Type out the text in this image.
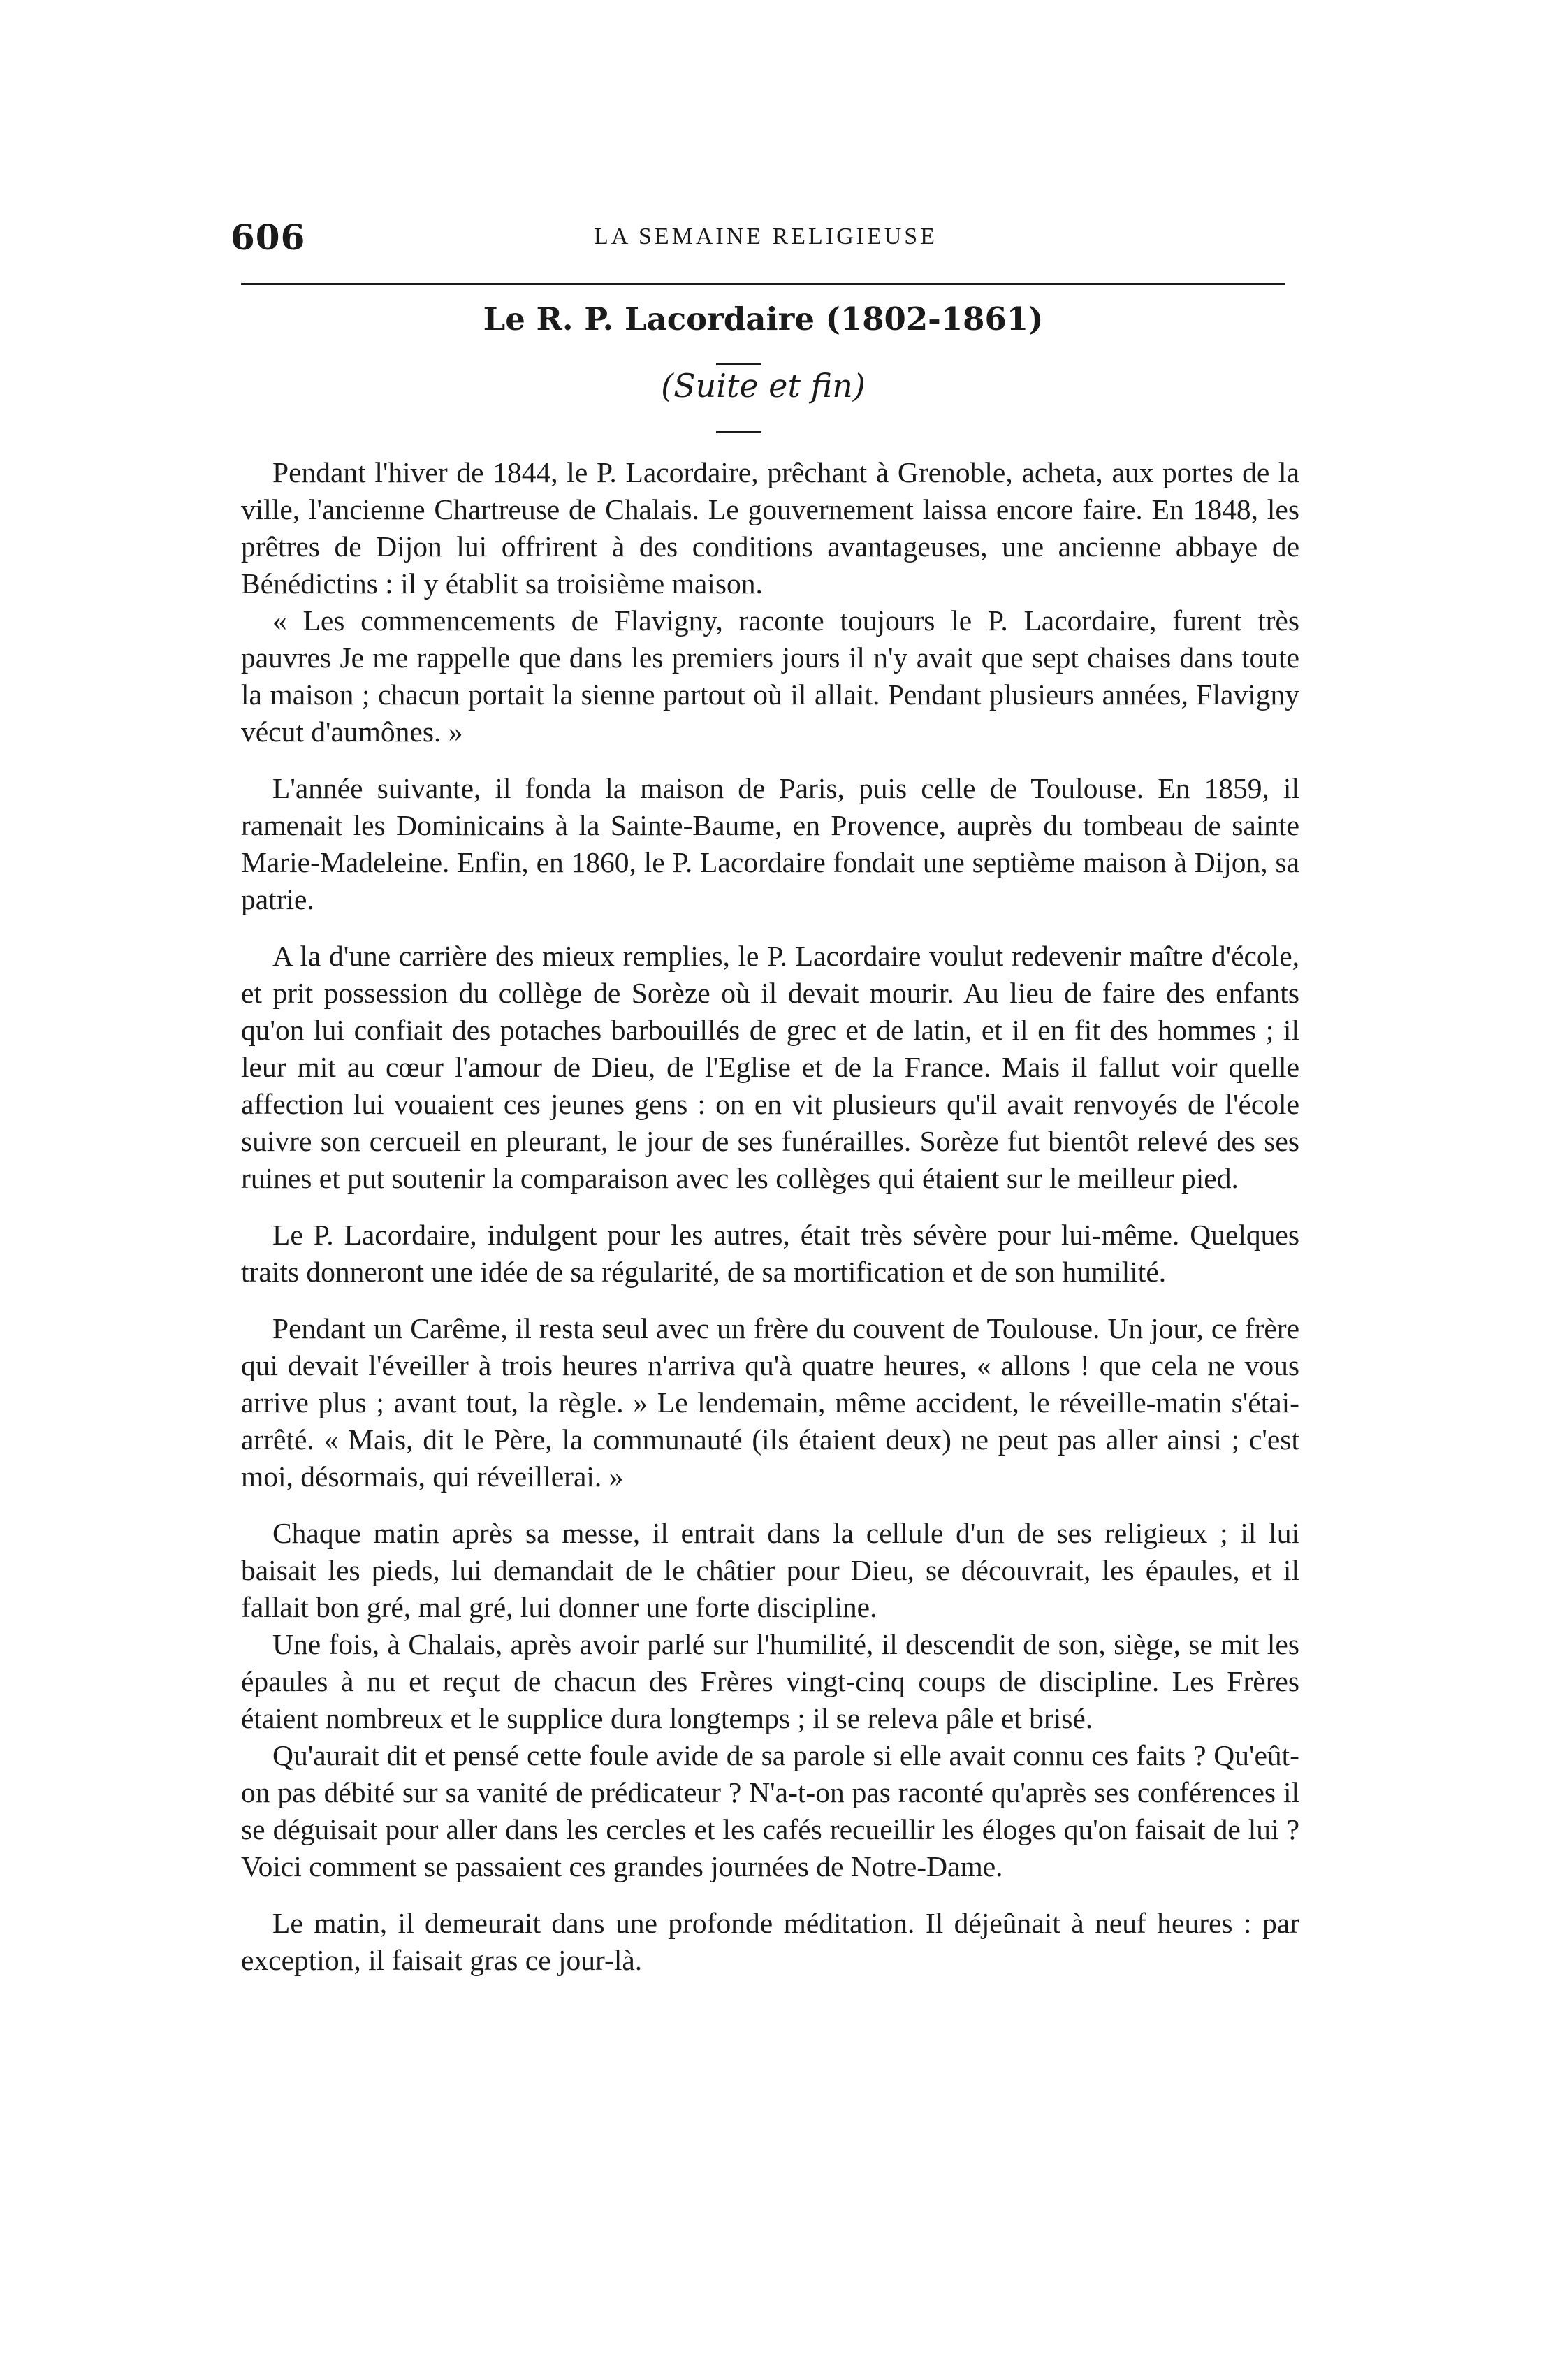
606	LA SEMAINE RELIGIEUSE
Le R. P. Lacordaire (1802-1861)
(Suite et fin)

Pendant l'hiver de 1844, le P. Lacordaire, prêchant à Grenoble, acheta, aux portes de la ville, l'ancienne Chartreuse de Chalais. Le gouvernement laissa encore faire. En 1848, les prêtres de Dijon lui offrirent à des conditions avantageuses, une ancienne abbaye de Bénédictins : il y établit sa troisième maison.

« Les commencements de Flavigny, raconte toujours le P. Lacordaire, furent très pauvres Je me rappelle que dans les premiers jours il n'y avait que sept chaises dans toute la maison ; chacun portait la sienne partout où il allait. Pendant plusieurs années, Flavigny vécut d'aumônes. »

L'année suivante, il fonda la maison de Paris, puis celle de Toulouse. En 1859, il ramenait les Dominicains à la Sainte-Baume, en Provence, auprès du tombeau de sainte Marie-Madeleine. Enfin, en 1860, le P. Lacordaire fondait une septième maison à Dijon, sa patrie.

A la d'une carrière des mieux remplies, le P. Lacordaire voulut redevenir maître d'école, et prit possession du collège de Sorèze où il devait mourir. Au lieu de faire des enfants qu'on lui confiait des potaches barbouillés de grec et de latin, et il en fit des hommes ; il leur mit au cœur l'amour de Dieu, de l'Eglise et de la France. Mais il fallut voir quelle affection lui vouaient ces jeunes gens : on en vit plusieurs qu'il avait renvoyés de l'école suivre son cercueil en pleurant, le jour de ses funérailles. Sorèze fut bientôt relevé des ses ruines et put soutenir la comparaison avec les collèges qui étaient sur le meilleur pied.

Le P. Lacordaire, indulgent pour les autres, était très sévère pour lui-même. Quelques traits donneront une idée de sa régularité, de sa mortification et de son humilité.

Pendant un Carême, il resta seul avec un frère du couvent de Toulouse. Un jour, ce frère qui devait l'éveiller à trois heures n'arriva qu'à quatre heures, « allons ! que cela ne vous arrive plus ; avant tout, la règle. » Le lendemain, même accident, le réveille-matin s'étai- arrêté. « Mais, dit le Père, la communauté (ils étaient deux) ne peut pas aller ainsi ; c'est moi, désormais, qui réveillerai. »

Chaque matin après sa messe, il entrait dans la cellule d'un de ses religieux ; il lui baisait les pieds, lui demandait de le châtier pour Dieu, se découvrait, les épaules, et il fallait bon gré, mal gré, lui donner une forte discipline.

Une fois, à Chalais, après avoir parlé sur l'humilité, il descendit de son, siège, se mit les épaules à nu et reçut de chacun des Frères vingt-cinq coups de discipline. Les Frères étaient nombreux et le supplice dura longtemps ; il se releva pâle et brisé.

Qu'aurait dit et pensé cette foule avide de sa parole si elle avait connu ces faits ? Qu'eût-on pas débité sur sa vanité de prédicateur ? N'a-t-on pas raconté qu'après ses conférences il se déguisait pour aller dans les cercles et les cafés recueillir les éloges qu'on faisait de lui ? Voici comment se passaient ces grandes journées de Notre-Dame.

Le matin, il demeurait dans une profonde méditation. Il déjeûnait à neuf heures : par exception, il faisait gras ce jour-là.
